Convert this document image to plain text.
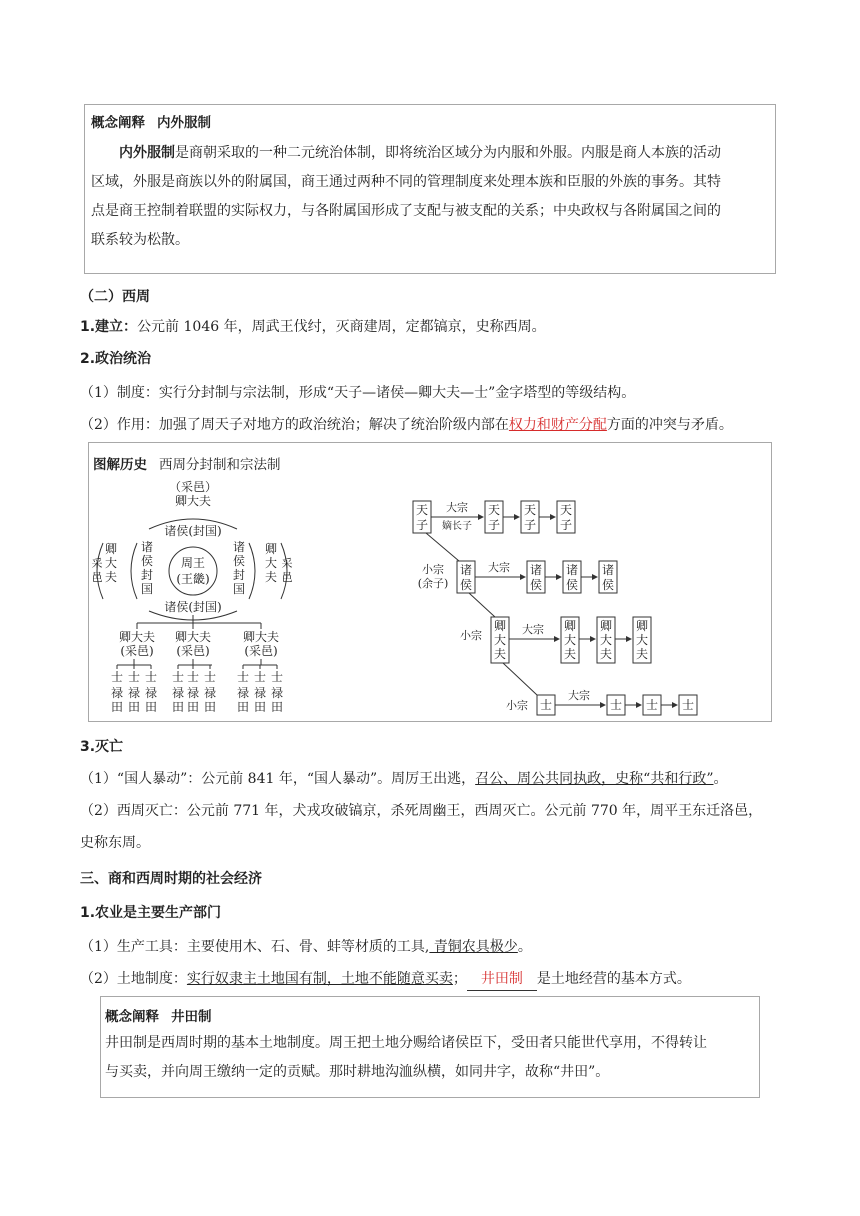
概念阐释 内外服制

内外服制是商朝采取的一种二元统治体制，即将统治区域分为内服和外服。内服是商人本族的活动

区域，外服是商族以外的附属国，商王通过两种不同的管理制度来处理本族和臣服的外族的事务。其特

点是商王控制着联盟的实际权力，与各附属国形成了支配与被支配的关系；中央政权与各附属国之间的

联系较为松散。

（二）西周
1.建立：公元前 1046 年，周武王伐纣，灭商建周，定都镐京，史称西周。
2.政治统治
（1）制度：实行分封制与宗法制，形成“天子—诸侯—卿大夫—士”金字塔型的等级结构。
（2）作用：加强了周天子对地方的政治统治；解决了统治阶级内部在权力和财产分配方面的冲突与矛盾。
图解历史 西周分封制和宗法制
（采邑）
卿大夫
诸侯(封国)
周王
(王畿)
诸
侯
封
国
卿
大
夫
采
邑
诸
侯
封
国
卿
大
夫
采
邑
诸侯(封国)
卿大夫
(采邑)
卿大夫
(采邑)
卿大夫
(采邑)
士 士 士
禄 禄 禄
田 田 田
士 士 士
禄 禄 禄
田 田 田
士 士 士
禄 禄 禄
田 田 田
天
子
大宗
嫡长子
天
子
天
子
天
子
小宗
(余子)
诸
侯
大宗 诸
侯
诸
侯
诸
侯
小宗
卿
大
夫
大宗 卿
大
夫
卿
大
夫
卿
大
夫
小宗 士
大宗
士 士 士
3.灭亡
（1）“国人暴动”：公元前 841 年，“国人暴动”。周厉王出逃，召公、周公共同执政，史称“共和行政”。
（2）西周灭亡：公元前 771 年，犬戎攻破镐京，杀死周幽王，西周灭亡。公元前 770 年，周平王东迁洛邑，
史称东周。
三、商和西周时期的社会经济
1.农业是主要生产部门
（1）生产工具：主要使用木、石、骨、蚌等材质的工具, 青铜农具极少。
（2）土地制度：实行奴隶主土地国有制，土地不能随意买卖； 井田制 是土地经营的基本方式。
概念阐释 井田制

井田制是西周时期的基本土地制度。周王把土地分赐给诸侯臣下，受田者只能世代享用，不得转让

与买卖，并向周王缴纳一定的贡赋。那时耕地沟洫纵横，如同井字，故称“井田”。
